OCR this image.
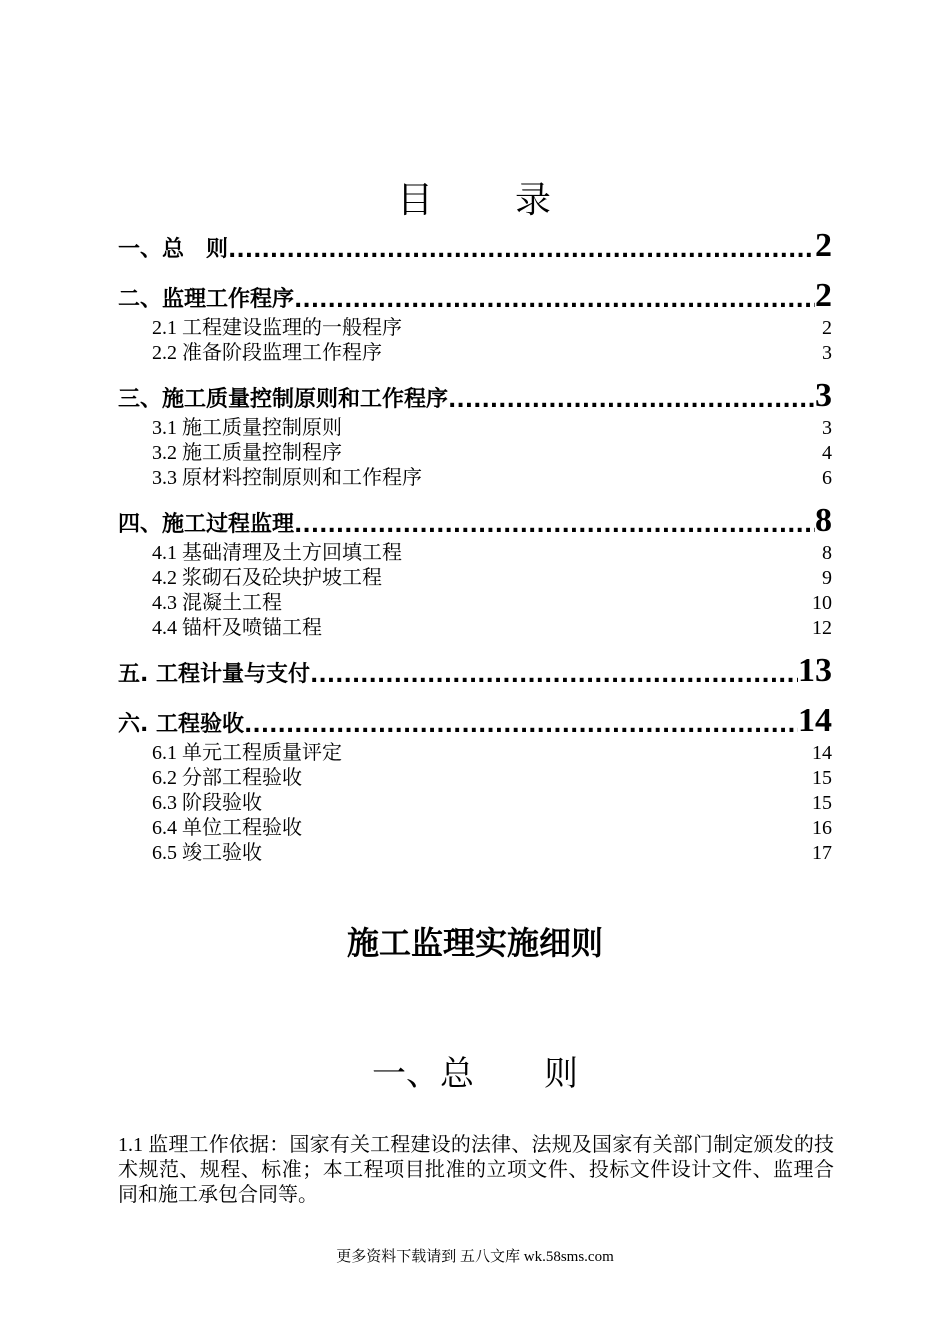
目 录
一、总　则 .....	2
二、监理工作程序 .....	2
2.1 工程建设监理的一般程序	2
2.2 准备阶段监理工作程序	3
三、施工质量控制原则和工作程序 .....	3
3.1 施工质量控制原则	3
3.2 施工质量控制程序	4
3.3 原材料控制原则和工作程序	6
四、施工过程监理 .....	8
4.1 基础清理及土方回填工程	8
4.2 浆砌石及砼块护坡工程	9
4.3 混凝土工程	10
4.4 锚杆及喷锚工程	12
五. 工程计量与支付 .....	13
六. 工程验收 .....	14
6.1 单元工程质量评定	14
6.2 分部工程验收	15
6.3 阶段验收	15
6.4 单位工程验收	16
6.5 竣工验收	17
施工监理实施细则
一、总 则
1.1 监理工作依据：国家有关工程建设的法律、法规及国家有关部门制定颁发的技术规范、规程、标准；本工程项目批准的立项文件、投标文件设计文件、监理合同和施工承包合同等。
更多资料下载请到 五八文库 wk.58sms.com
